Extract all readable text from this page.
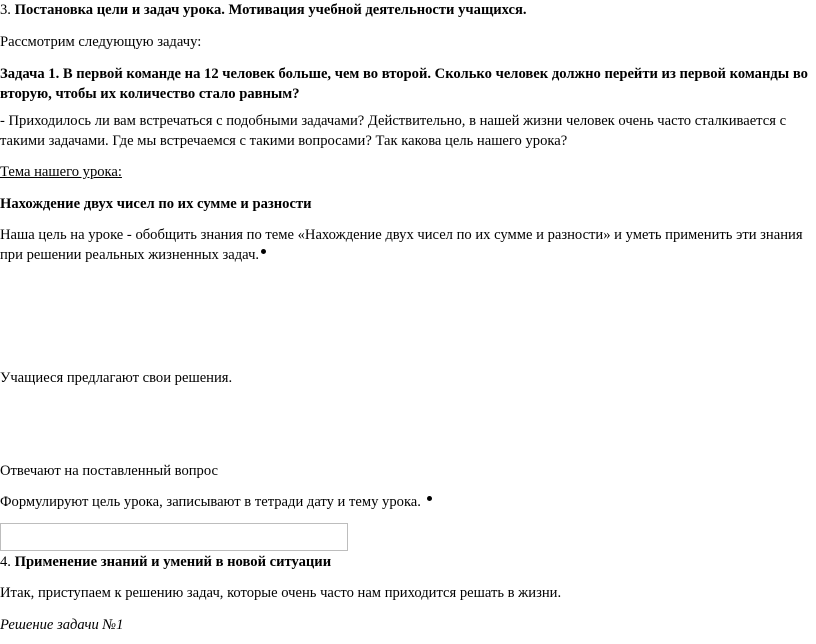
3. Постановка цели и задач урока. Мотивация учебной деятельности учащихся.

Рассмотрим следующую задачу:

Задача 1. В первой команде на 12 человек больше, чем во второй. Сколько человек должно перейти из первой команды во вторую, чтобы их количество стало равным?

- Приходилось ли вам встречаться с подобными задачами? Действительно, в нашей жизни человек очень часто сталкивается с такими задачами. Где мы встречаемся с такими вопросами? Так какова цель нашего урока?

Тема нашего урока:

Нахождение двух чисел по их сумме и разности

Наша цель на уроке - обобщить знания по теме «Нахождение двух чисел по их сумме и разности» и уметь применить эти знания при решении реальных жизненных задач.

Учащиеся предлагают свои решения.

Отвечают на поставленный вопрос

Формулируют цель урока, записывают в тетради дату и тему урока.

4. Применение знаний и умений в новой ситуации

Итак, приступаем к решению задач, которые очень часто нам приходится решать в жизни.

Решение задачи №1
